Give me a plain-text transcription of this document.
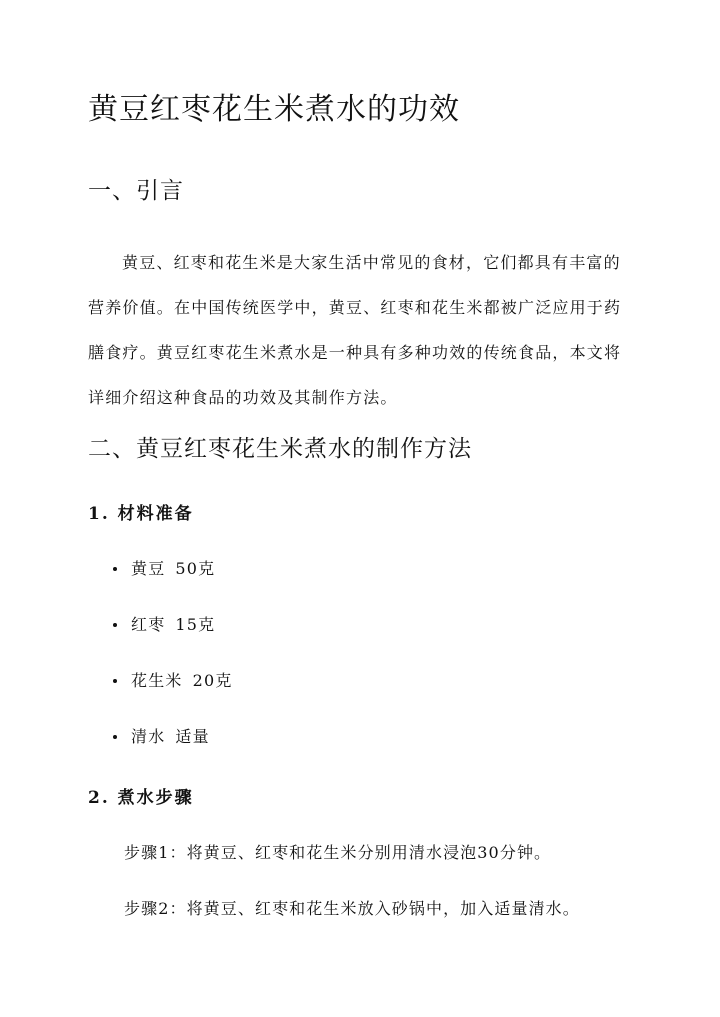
黄豆红枣花生米煮水的功效
一、引言

黄豆、红枣和花生米是大家生活中常见的食材，它们都具有丰富的营养价值。在中国传统医学中，黄豆、红枣和花生米都被广泛应用于药膳食疗。黄豆红枣花生米煮水是一种具有多种功效的传统食品，本文将详细介绍这种食品的功效及其制作方法。

二、黄豆红枣花生米煮水的制作方法
1. 材料准备
黄豆 50克
红枣 15克
花生米 20克
清水 适量
2. 煮水步骤

步骤1：将黄豆、红枣和花生米分别用清水浸泡30分钟。

步骤2：将黄豆、红枣和花生米放入砂锅中，加入适量清水。
